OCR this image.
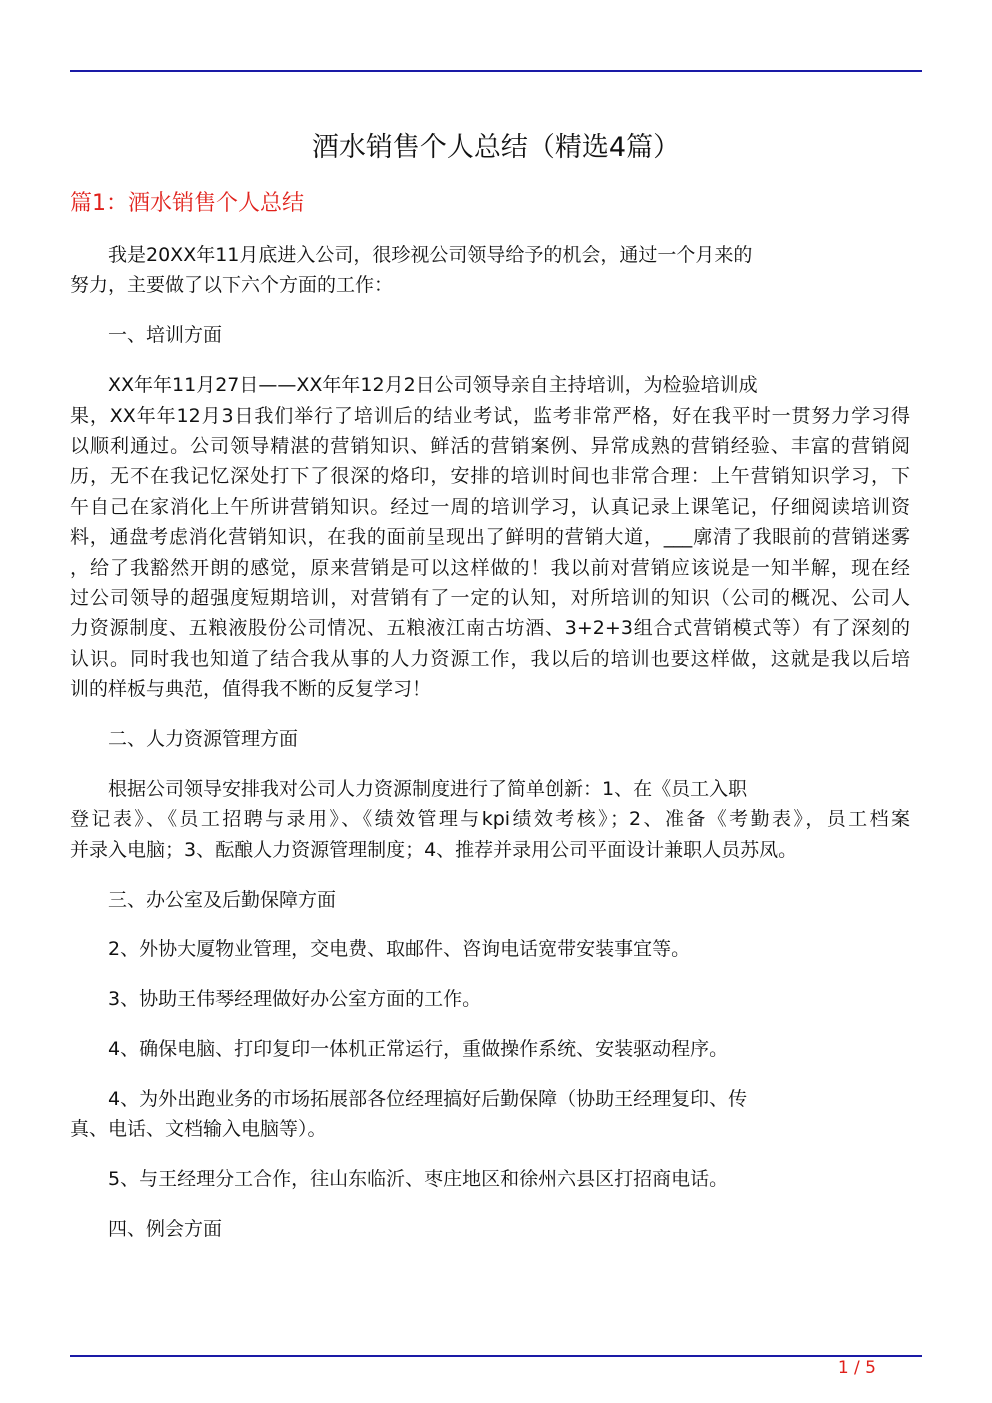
酒水销售个人总结（精选4篇）
篇1：酒水销售个人总结
我是20XX年11月底进入公司，很珍视公司领导给予的机会，通过一个月来的
努力，主要做了以下六个方面的工作：
一、培训方面
XX年年11月27日——XX年年12月2日公司领导亲自主持培训，为检验培训成
果，XX年年12月3日我们举行了培训后的结业考试，监考非常严格，好在我平时一贯努力学习得
以顺利通过。公司领导精湛的营销知识、鲜活的营销案例、异常成熟的营销经验、丰富的营销阅
历，无不在我记忆深处打下了很深的烙印，安排的培训时间也非常合理：上午营销知识学习，下
午自己在家消化上午所讲营销知识。经过一周的培训学习，认真记录上课笔记，仔细阅读培训资
料，通盘考虑消化营销知识，在我的面前呈现出了鲜明的营销大道，___廓清了我眼前的营销迷雾
，给了我豁然开朗的感觉，原来营销是可以这样做的！我以前对营销应该说是一知半解，现在经
过公司领导的超强度短期培训，对营销有了一定的认知，对所培训的知识（公司的概况、公司人
力资源制度、五粮液股份公司情况、五粮液江南古坊酒、3+2+3组合式营销模式等）有了深刻的
认识。同时我也知道了结合我从事的人力资源工作，我以后的培训也要这样做，这就是我以后培
训的样板与典范，值得我不断的反复学习！
二、人力资源管理方面
根据公司领导安排我对公司人力资源制度进行了简单创新：1、在《员工入职
登记表》、《员工招聘与录用》、《绩效管理与kpi绩效考核》；2、准备《考勤表》，员工档案
并录入电脑；3、酝酿人力资源管理制度；4、推荐并录用公司平面设计兼职人员苏凤。
三、办公室及后勤保障方面
2、外协大厦物业管理，交电费、取邮件、咨询电话宽带安装事宜等。
3、协助王伟琴经理做好办公室方面的工作。
4、确保电脑、打印复印一体机正常运行，重做操作系统、安装驱动程序。
4、为外出跑业务的市场拓展部各位经理搞好后勤保障（协助王经理复印、传
真、电话、文档输入电脑等）。
5、与王经理分工合作，往山东临沂、枣庄地区和徐州六县区打招商电话。
四、例会方面
1 / 5
